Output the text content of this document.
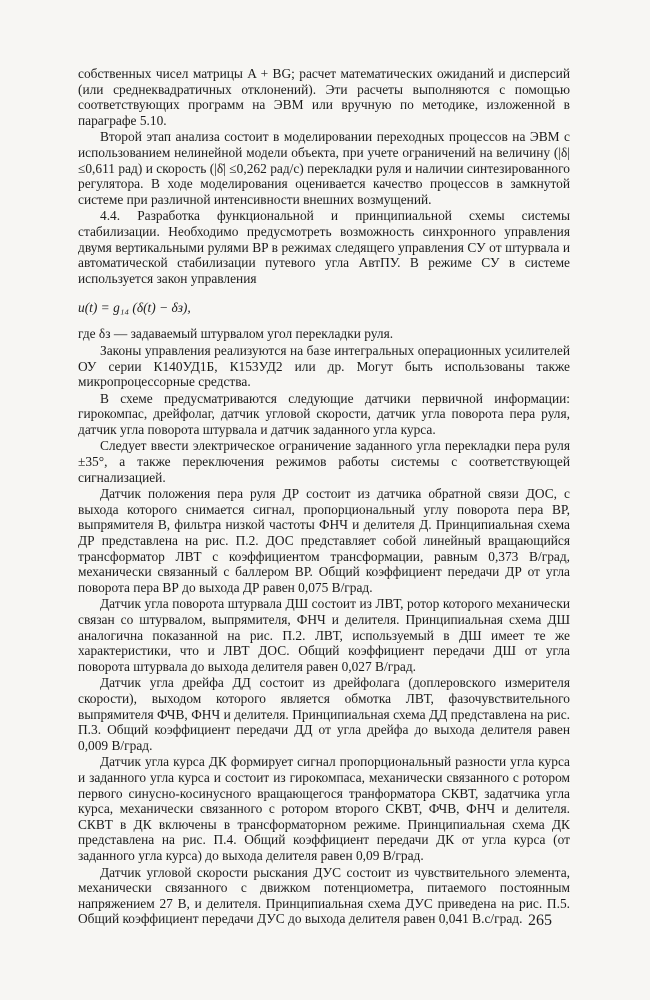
собственных чисел матрицы A + BG; расчет математических ожиданий и дисперсий (или среднеквадратичных отклонений). Эти расчеты выполняются с помощью соответствующих программ на ЭВМ или вручную по методике, изложенной в параграфе 5.10.

Второй этап анализа состоит в моделировании переходных процессов на ЭВМ с использованием нелинейной модели объекта, при учете ограничений на величину (|δ| ≤0,611 рад) и скорость (|δ̇| ≤0,262 рад/с) перекладки руля и наличии синтезированного регулятора. В ходе моделирования оценивается качество процессов в замкнутой системе при различной интенсивности внешних возмущений.

4.4. Разработка функциональной и принципиальной схемы системы стабилизации. Необходимо предусмотреть возможность синхронного управления двумя вертикальными рулями BP в режимах следящего управления СУ от штурвала и автоматической стабилизации путевого угла АвтПУ. В режиме СУ в системе используется закон управления

u(t) = g₁₄ (δ(t) − δз),

где δз — задаваемый штурвалом угол перекладки руля.

Законы управления реализуются на базе интегральных операционных усилителей ОУ серии К140УД1Б, К153УД2 или др. Могут быть использованы также микропроцессорные средства.

В схеме предусматриваются следующие датчики первичной информации: гирокомпас, дрейфолаг, датчик угловой скорости, датчик угла поворота пера руля, датчик угла поворота штурвала и датчик заданного угла курса.

Следует ввести электрическое ограничение заданного угла перекладки пера руля ±35°, а также переключения режимов работы системы с соответствующей сигнализацией.

Датчик положения пера руля ДР состоит из датчика обратной связи ДОС, с выхода которого снимается сигнал, пропорциональный углу поворота пера ВР, выпрямителя В, фильтра низкой частоты ФНЧ и делителя Д. Принципиальная схема ДР представлена на рис. П.2. ДОС представляет собой линейный вращающийся трансформатор ЛВТ с коэффициентом трансформации, равным 0,373 В/град, механически связанный с баллером ВР. Общий коэффициент передачи ДР от угла поворота пера ВР до выхода ДР равен 0,075 В/град.

Датчик угла поворота штурвала ДШ состоит из ЛВТ, ротор которого механически связан со штурвалом, выпрямителя, ФНЧ и делителя. Принципиальная схема ДШ аналогична показанной на рис. П.2. ЛВТ, используемый в ДШ имеет те же характеристики, что и ЛВТ ДОС. Общий коэффициент передачи ДШ от угла поворота штурвала до выхода делителя равен 0,027 В/град.

Датчик угла дрейфа ДД состоит из дрейфолага (доплеровского измерителя скорости), выходом которого является обмотка ЛВТ, фазочувствительного выпрямителя ФЧВ, ФНЧ и делителя. Принципиальная схема ДД представлена на рис. П.3. Общий коэффициент передачи ДД от угла дрейфа до выхода делителя равен 0,009 В/град.

Датчик угла курса ДК формирует сигнал пропорциональный разности угла курса и заданного угла курса и состоит из гирокомпаса, механически связанного с ротором первого синусно-косинусного вращающегося транформатора СКВТ, задатчика угла курса, механически связанного с ротором второго СКВТ, ФЧВ, ФНЧ и делителя. СКВТ в ДК включены в трансформаторном режиме. Принципиальная схема ДК представлена на рис. П.4. Общий коэффициент передачи ДК от угла курса (от заданного угла курса) до выхода делителя равен 0,09 В/град.

Датчик угловой скорости рыскания ДУС состоит из чувствительного элемента, механически связанного с движком потенциометра, питаемого постоянным напряжением 27 В, и делителя. Принципиальная схема ДУС приведена на рис. П.5. Общий коэффициент передачи ДУС до выхода делителя равен 0,041 В.с/град. 265
